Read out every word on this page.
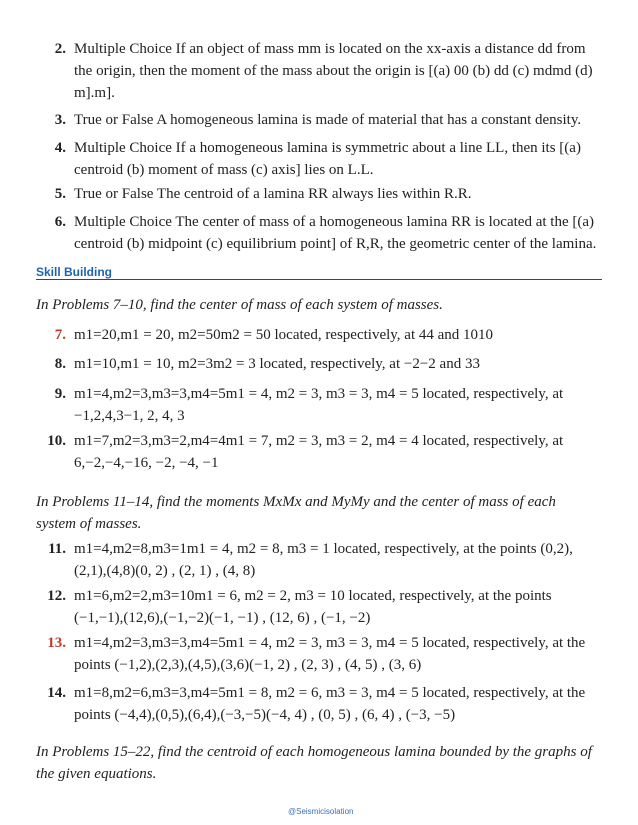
2. Multiple Choice If an object of mass mm is located on the xx-axis a distance dd from
the origin, then the moment of the mass about the origin is [(a) 00 (b) dd (c) mdmd (d)
m].m].
3. True or False A homogeneous lamina is made of material that has a constant density.
4. Multiple Choice If a homogeneous lamina is symmetric about a line LL, then its [(a)
centroid (b) moment of mass (c) axis] lies on L.L.
5. True or False The centroid of a lamina RR always lies within R.R.
6. Multiple Choice The center of mass of a homogeneous lamina RR is located at the [(a)
centroid (b) midpoint (c) equilibrium point] of R,R, the geometric center of the lamina.
Skill Building
In Problems 7–10, find the center of mass of each system of masses.
7. m1=20,m1 = 20, m2=50m2 = 50 located, respectively, at 44 and 1010
8. m1=10,m1 = 10, m2=3m2 = 3 located, respectively, at −2−2 and 33
9. m1=4,m2=3,m3=3,m4=5m1 = 4, m2 = 3, m3 = 3, m4 = 5 located, respectively, at
−1,2,4,3−1, 2, 4, 3
10. m1=7,m2=3,m3=2,m4=4m1 = 7, m2 = 3, m3 = 2, m4 = 4 located, respectively, at
6,−2,−4,−16, −2, −4, −1
In Problems 11–14, find the moments MxMx and MyMy and the center of mass of each
system of masses.
11. m1=4,m2=8,m3=1m1 = 4, m2 = 8, m3 = 1 located, respectively, at the points (0,2),
(2,1),(4,8)(0, 2) , (2, 1) , (4, 8)
12. m1=6,m2=2,m3=10m1 = 6, m2 = 2, m3 = 10 located, respectively, at the points
(−1,−1),(12,6),(−1,−2)(−1, −1) , (12, 6) , (−1, −2)
13. m1=4,m2=3,m3=3,m4=5m1 = 4, m2 = 3, m3 = 3, m4 = 5 located, respectively, at the
points (−1,2),(2,3),(4,5),(3,6)(−1, 2) , (2, 3) , (4, 5) , (3, 6)
14. m1=8,m2=6,m3=3,m4=5m1 = 8, m2 = 6, m3 = 3, m4 = 5 located, respectively, at the
points (−4,4),(0,5),(6,4),(−3,−5)(−4, 4) , (0, 5) , (6, 4) , (−3, −5)
In Problems 15–22, find the centroid of each homogeneous lamina bounded by the graphs of
the given equations.
@Seismicisolation
